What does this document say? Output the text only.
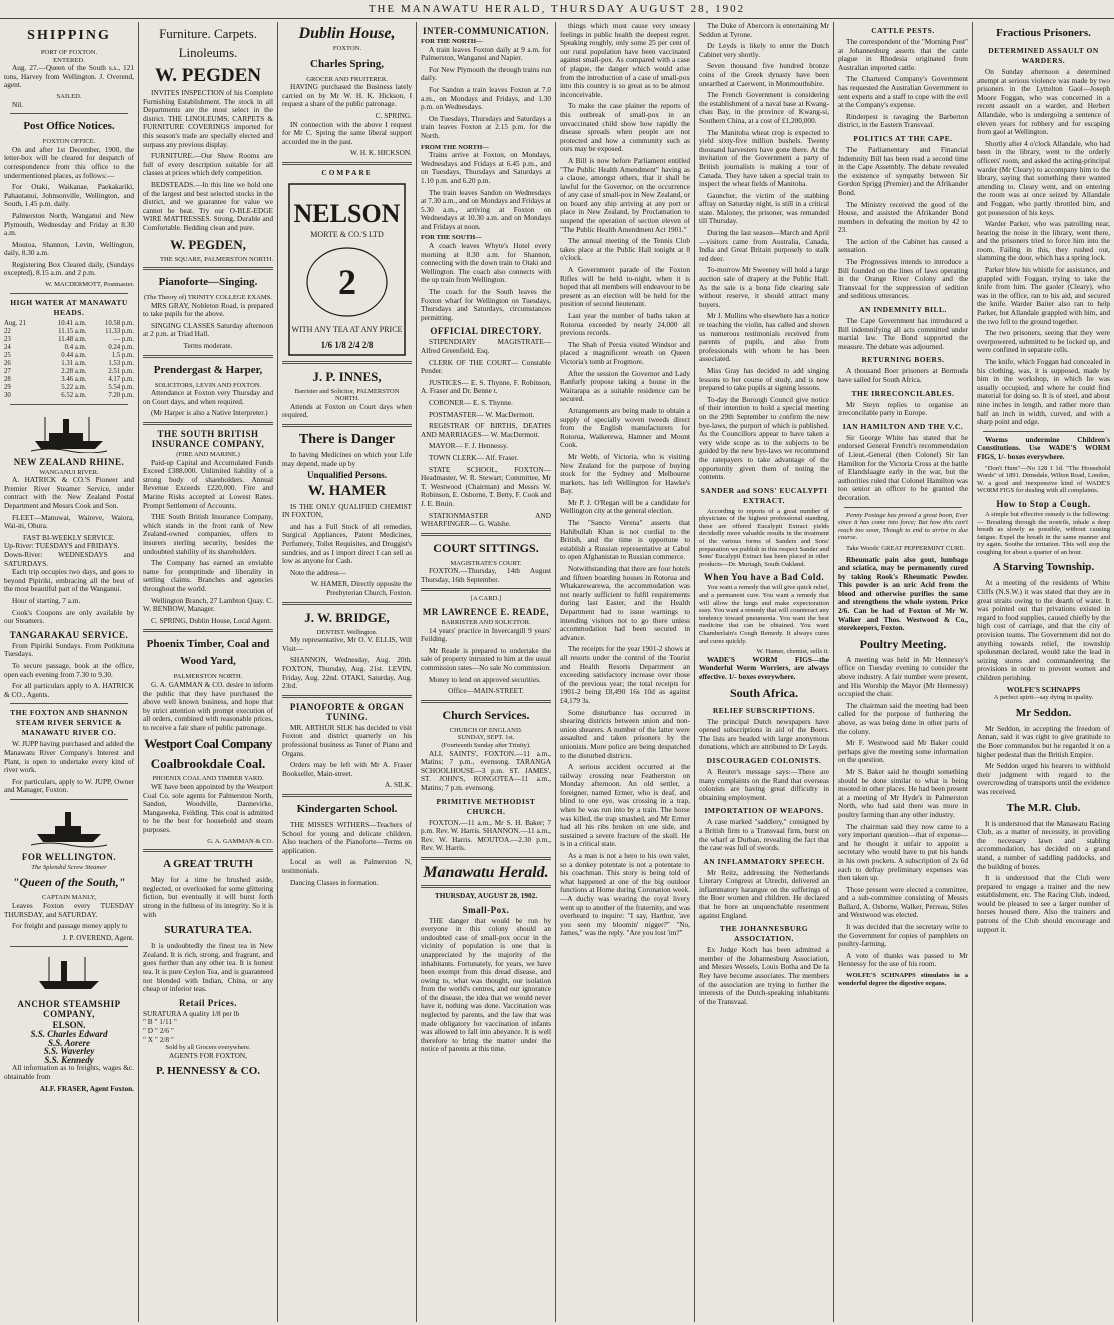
THE MANAWATU HERALD, THURSDAY AUGUST 28, 1902
SHIPPING
PORT OF FOXTON.
ENTERED.

Aug. 27.—Queen of the South s.s., 121 tons, Harvey from Wellington. J. Overend, agent.

SAILED.

Nil.

Post Office Notices.
FOXTON OFFICE.

On and after 1st December, 1900, the letter-box will be cleared for despatch of correspondence from this office to the undermentioned places, as follows:—

For Otaki, Waikanae, Paekakariki, Pahautanui, Johnsonville, Wellington, and South, 1.45 p.m. daily.

Palmerston North, Wanganui and New Plymouth, Wednesday and Friday at 8.30 a.m.

Moutoa, Shannon, Levin, Wellington, daily, 8.30 a.m.

Registering Box Cleared daily, (Sundays excepted), 8.15 a.m. and 2 p.m.

W. MACDERMOTT, Postmaster.
HIGH WATER AT MANAWATU HEADS.
Aug. 21	10.41 a.m.	10.58 p.m.
22	11.15 a.m.	11.33 p.m.
23	11.48 a.m.	— p.m.
24	0.4 a.m.	0.24 p.m.
25	0.44 a.m.	1.5 p.m.
26	1.31 a.m.	1.53 p.m.
27	2.28 a.m.	2.51 p.m.
28	3.46 a.m.	4.17 p.m.
29	5.22 a.m.	5.54 p.m.
30	6.52 a.m.	7.20 p.m.
NEW ZEALAND RHINE.
WANGANUI RIVER.

A. HATRICK & CO.'S Pioneer and Premier River Steamer Service, under contract with the New Zealand Postal Department and Messrs Cook and Son.

FLEET—Manuwai, Waireve, Waiora, Wai-iti, Ohura.

FAST BI-WEEKLY SERVICE.
Up-River: TUESDAYS and FRIDAYS.
Down-River: WEDNESDAYS and SATURDAYS.

Each trip occupies two days, and goes to beyond Pipiriki, embracing all the best of the most beautiful part of the Wanganui.

Hour of starting, 7 a.m.

Cook's Coupons are only available by our Steamers.

TANGARAKAU SERVICE.

From Pipiriki Sundays. From Potikituna Tuesdays.

To secure passage, book at the office, open each evening from 7.30 to 9.30.

For all particulars apply to A. HATRICK & CO., Agents.

THE FOXTON AND SHANNON STEAM RIVER SERVICE & MANAWATU RIVER CO.

W. JUPP having purchased and added the Manawatu River Company's Interest and Plant, is open to undertake every kind of river work.

For particulars, apply to W. JUPP, Owner and Manager, Foxton.

FOR WELLINGTON.
The Splendid Screw Steamer
"Queen of the South,"
CAPTAIN MANLY,

Leaves Foxton every TUESDAY THURSDAY, and SATURDAY.

For freight and passage money apply to

J. P. OVEREND, Agent.
ANCHOR STEAMSHIP COMPANY,
ELSON.
S.S. Charles Edward
S.S. Aorere
S.S. Waverley
S.S. Kennedy

All information as to freights, wages &c. obtainable from

ALF. FRASER, Agent Foxton.
Furniture. Carpets. Linoleums.
W. PEGDEN

INVITES INSPECTION of his Complete Furnishing Establishment. The stock in all Departments are the most select in the district. THE LINOLEUMS, CARPETS & FURNITURE COVERINGS imported for this season's trade are specially elected and surpass any previous display.

FURNITURE.—Our Show Rooms are full of every description suitable for all classes at prices which defy competition.

BEDSTEADS.—In this line we hold one of the largest and best selected stocks in the district, and we guarantee for value we cannot be beat. Try our O-BLE-EDGE WIRE MATTRESSES. Strong, Durable and Comfortable. Bedding clean and pure.

W. PEGDEN,
THE SQUARE, PALMERSTON NORTH.
Pianoforte—Singing.
(The Theory of) TRINITY COLLEGE EXAMS.

MRS GRAY, Nobleton Road, is prepared to take pupils for the above.

SINGING CLASSES Saturday afternoon at 2 p.m. at Triad Hall.

Terms moderate.
Prendergast & Harper,
SOLICITORS, LEVIN AND FOXTON.

Attendance at Foxton very Thursday and on Court days, and when required.

(Mr Harper is also a Native Interpreter.)

THE SOUTH BRITISH INSURANCE COMPANY,
(FIRE AND MARINE.)

Paid-up Capital and Accumulated Funds Exceed £388,000. Unlimited liability of a strong body of shareholders. Annual Revenue Exceeds £220,000. Fire and Marine Risks accepted at Lowest Rates. Prompt Settlement of Accounts.

THE South British Insurance Company, which stands in the front rank of New Zealand-owned companies, offers to insurers sterling security, besides the undoubted stability of its shareholders.

The Company has earned an enviable name for promptitude and liberality in settling claims. Branches and agencies throughout the world.

Wellington Branch, 27 Lambton Quay. C. W. BENBOW, Manager.

C. SPRING, Dublin House, Local Agent.

Phoenix Timber, Coal and Wood Yard,
PALMERSTON NORTH.

G. A. GAMMAN & CO. desire to inform the public that they have purchased the above well known business, and hope that by strict attention with prompt execution of all orders, combined with reasonable prices, to receive a fair share of public patronage.

Westport Coal Company
Coalbrookdale Coal.
PHOENIX COAL AND TIMBER YARD.

WE have been appointed by the Westport Coal Co. sole agents for Palmerston North, Sandon, Woodville, Dannevirke, Mangaweka, Feilding. This coal is admitted to be the best for household and steam purposes.

G. A. GAMMAN & CO.
A GREAT TRUTH

May for a time be brushed aside, neglected, or overlooked for some glittering fiction, but eventually it will burst forth strong in the fullness of its integrity. So it is with

SURATURA TEA.

It is undoubtedly the finest tea in New Zealand. It is rich, strong, and fragrant, and goes further than any other tea. It is honest tea. It is pure Ceylon Tea, and is guaranteed not blended with Indian, China, or any cheap or inferior teas.

Retail Prices.
SURATURA A quality 1/8 per lb
" B " 1/11 "
" D " 2/6 "
" X " 2/8 "
Sold by all Grocers everywhere.
AGENTS FOR FOXTON,
P. HENNESSY & CO.
Dublin House,
FOXTON.
Charles Spring,
GROCER AND FRUITERER.

HAVING purchased the Business lately carried on by Mr W. H. K. Hickson, I request a share of the public patronage.

C. SPRING.

IN connection with the above I request for Mr C. Spring the same liberal support accorded me in the past.

W. H. K. HICKSON.
COMPARE
NELSON
MORTE & CO.'S LTD
2
WITH ANY TEA AT ANY PRICE
1/6 1/8 2/4 2/8
J. P. INNES,
Barrister and Solicitor, PALMERSTON NORTH.

Attends at Foxton on Court days when required.

There is Danger

In having Medicines on which your Life may depend, made up by

Unqualified Persons.
W. HAMER

IS THE ONLY QUALIFIED CHEMIST IN FOXTON,

and has a Full Stock of all remedies, Surgical Appliances, Patent Medicines, Perfumery, Toilet Requisites, and Druggist's sundries, and as I import direct I can sell as low as anyone for Cash.

Note the address—

W. HAMER, Directly opposite the Presbyterian Church, Foxton.

J. W. BRIDGE,
DENTIST. Wellington.

My representative, Mr O. V. ELLIS, Will Visit—

SHANNON, Wednesday, Aug. 20th. FOXTON, Thursday, Aug. 21st. LEVIN, Friday, Aug. 22nd. OTAKI, Saturday, Aug. 23rd.

PIANOFORTE & ORGAN TUNING.

MR. ARTHUR SILK has decided to visit Foxton and district quarterly on his professional business as Tuner of Piano and Organs.

Orders may be left with Mr A. Fraser Bookseller, Main-street.

A. SILK.
Kindergarten School.

THE MISSES WITHERS—Teachers of School for young and delicate children. Also teachers of the Pianoforte—Terms on application.

Local as well as Palmerston N, testimonials.

Dancing Classes in formation.

INTER-COMMUNICATION.
FOR THE NORTH—

A train leaves Foxton daily at 9 a.m. for Palmerston, Wanganui and Napier.

For New Plymouth the through trains run daily.

For Sandon a train leaves Foxton at 7.0 a.m., on Mondays and Fridays, and 1.30 p.m. on Wednesdays.

On Tuesdays, Thursdays and Saturdays a train leaves Foxton at 2.15 p.m. for the North.

FROM THE NORTH—

Trains arrive at Foxton, on Mondays, Wednesdays and Fridays at 6.45 p.m., and on Tuesdays, Thursdays and Saturdays at 1.10 p.m. and 6.20 p.m.

The train leaves Sandon on Wednesdays at 7.30 a.m., and on Mondays and Fridays at 5.30 a.m., arriving at Foxton on Wednesdays at 10.30 a.m. and on Mondays and Fridays at noon.

FOR THE SOUTH—

A coach leaves Whyte's Hotel every morning at 8.30 a.m. for Shannon, connecting with the down train to Otaki and Wellington. The coach also connects with the up train from Wellington.

The coach for the South leaves the Foxton wharf for Wellington on Tuesdays, Thursdays and Saturdays, circumstances permitting.

OFFICIAL DIRECTORY.

STIPENDIARY MAGISTRATE— Alfred Greenfield, Esq.

CLERK OF THE COURT— Constable Pender.

JUSTICES— E. S. Thynne, F. Robinson, A. Fraser and Dr. Benne t.

CORONER— E. S. Thynne.

POSTMASTER— W. MacDermott.

REGISTRAR OF BIRTHS, DEATHS AND MARRIAGES— W. MacDermott.

MAYOR— F. J. Hennessy.

TOWN CLERK— Alf. Fraser.

STATE SCHOOL, FOXTON— Headmaster, W. R. Stewart; Committee, Mr T. Westwood (Chairman) and Messrs W. Robinson, E. Osborne, T. Betty, F. Cook and J. E. Bruin.

STATIONMASTER AND WHARFINGER— G. Walshe.

COURT SITTINGS.
MAGISTRATE'S COURT.

FOXTON.—Thursday, 14th August Thursday, 16th September.

[A CARD.]
MR LAWRENCE E. READE,
BARRISTER AND SOLICITOR.

14 years' practice in Invercargill 9 years' Feilding.

Mr Reade is prepared to undertake the sale of property intrusted to him at the usual commission rates—No sale No commission.

Money to lend on approved securities.

Office—MAIN-STREET.
Church Services.
CHURCH OF ENGLAND.
SUNDAY, SEPT. 1st.
(Fourteenth Sunday after Trinity).

ALL SAINTS', FOXTON.—11 a.m., Matins; 7 p.m., evensong. TARANGA SCHOOLHOUSE—3 p.m. ST. JAMES', ST. JOHN'S, RONGOTEA—11 a.m., Matins; 7 p.m. evensong.

PRIMITIVE METHODIST CHURCH.

FOXTON.—11 a.m., Mr S. H. Baker; 7 p.m. Rev. W. Harris. SHANNON.—11 a.m., Rev. W. Harris. MOUTOA.—2.30 p.m., Rev. W. Harris.

Manawatu Herald.
THURSDAY, AUGUST 28, 1902.
Small-Pox.

THE danger that would be run by everyone in this colony should an undoubted case of small-pox occur in the vicinity of population is one that is unappreciated by the majority of the inhabitants. Fortunately, for years, we have been exempt from this dread disease, and owing to, what was thought, our isolation from the world's centres, and our ignorance of the disease, the idea that we would never have it, nothing was done. Vaccination was neglected by parents, and the law that was made obligatory for vaccination of infants was allowed to fall into abeyance. It is well therefore to bring the matter under the notice of parents at this time.

things which must cause very uneasy feelings in public health the deepest regret. Speaking roughly, only some 25 per cent of our rural population have been vaccinated against small-pox. As compared with a case of plague, the danger which would arise from the introduction of a case of small-pox into this country is so great as to be almost inconceivable.

To make the case plainer the reports of this outbreak of small-pox in an unvaccinated child show how rapidly the disease spreads when people are not protected and how a community such as ours may be exposed.

A Bill is now before Parliament entitled "The Public Health Amendment" having as a clause, amongst others, that it shall be lawful for the Governor, on the occurrence of any case of small-pox in New Zealand, or on board any ship arriving at any port or place in New Zealand, by Proclamation to suspend the operation of section eleven of "The Public Health Amendment Act 1901."

The annual meeting of the Tennis Club takes place at the Public Hall tonight at 8 o'clock.

A Government parade of the Foxton Rifles will be held to-night, when it is hoped that all members will endeavour to be present as an election will be held for the position of second lieutenant.

Last year the number of baths taken at Rotorua exceeded by nearly 24,000 all previous records.

The Shah of Persia visited Windsor and placed a magnificent wreath on Queen Victoria's tomb at Frogmore.

After the session the Governor and Lady Ranfurly propose taking a house in the Wairarapa as a suitable residence can be secured.

Arrangements are being made to obtain a supply of specially woven tweeds direct from the English manufacturers for Rotorua, Waikerewa, Hamner and Mount Cook.

Mr Webb, of Victoria, who is visiting New Zealand for the purpose of buying stock for the Sydney and Melbourne markets, has left Wellington for Hawke's Bay.

Mr P. J. O'Regan will be a candidate for Wellington city at the general election.

The "Sancto Verena" asserts that Hahibullah Khan is not cordial to the British, and the time is opportune to establish a Russian representative at Cabul to open Afghanistan to Russian commerce.

Notwithstanding that there are four hotels and fifteen boarding houses in Rotorua and Whakarewarewa, the accommodation was not nearly sufficient to fulfil requirements during last Easter, and the Health Department had to issue warnings to intending visitors not to go there unless accommodation had been secured in advance.

The receipts for the year 1901-2 shows at all resorts under the control of the Tourist and Health Resorts Department an exceeding satisfactory increase over those of the previous year; the total receipts for 1901-2 being £8,490 16s 10d as against £4,179 3s.

Some disturbance has occurred in shearing districts between union and non-union shearers. A number of the latter were assaulted and taken prisoners by the unionists. More police are being despatched to the disturbed districts.

A serious accident occurred at the railway crossing near Featherston on Monday afternoon. An old settler, a foreigner, named Ermer, who is deaf, and blind to one eye, was crossing in a trap, when he was run into by a train. The horse was killed, the trap smashed, and Mr Ermer had all his ribs broken on one side, and sustained a severe fracture of the skull. He is in a critical state.

As a man is not a hero to his own valet, so a donkey potentate is not a potentate to his coachman. This story is being told of what happened at one of the big outdoor functions at Home during Coronation week.—A duchy was wearing the royal livery went up to another of the fraternity, and was overheard to inquire: "I say, Harthur, 'ave you seen my bloomin' nigger?" "No, James," was the reply. "Are you lost 'im?"

The Duke of Abercorn is entertaining Mr Seddon at Tyrone.

Dr Leyds is likely to enter the Dutch Cabinet very shortly.

Seven thousand five hundred bronze coins of the Greek dynasty have been unearthed at Caerwent, in Monmouthshire.

The French Government is considering the establishment of a naval base at Kwang-chau Bay, in the province of Kwang-si, Southern China, at a cost of £1,200,000.

The Manitoba wheat crop is expected to yield sixty-five million bushels. Twenty thousand harvesters have gone there. At the invitation of the Government a party of British journalists is making a tour of Canada. They have taken a special train to inspect the wheat fields of Manitoba.

Gauncher, the victim of the stabbing affray on Saturday night, is still in a critical state. Maloney, the prisoner, was remanded till Thursday.

During the last season—March and April—visitors came from Australia, Canada, India and Great Britain purposely to stalk red deer.

To-morrow Mr Sweeney will hold a large auction sale of drapery at the Public Hall. As the sale is a bona fide clearing sale without reserve, it should attract many buyers.

Mr J. Mullins who elsewhere has a notice re teaching the violin, has called and shown us numerous testimonials received from parents of pupils, and also from professionals with whom he has been associated.

Miss Gray has decided to add singing lessons to her course of study, and is now prepared to take pupils at signing lessons.

To-day the Borough Council give notice of their intention to hold a special meeting on the 29th September to confirm the new bye-laws, the purport of which is published. As the Councillors appear to have taken a very wide scope as to the subjects to be guided by the new bye-laws we recommend the ratepayers to take advantage of the opportunity given them of noting the contents.

SANDER and SONS' EUCALYPTI EXTRACT.

According to reports of a great number of physicians of the highest professional standing, these are offered Eucalypti Extract yields decidedly more valuable results in the treatment of the various forms of Sanders and Sons' preparation we publish in this respect Sander and Sons' Eucalypti Extract has been placed in other products—Dr. Murtagh, South Oakland.

When You have a Bad Cold.

You want a remedy that will give quick relief, and a permanent cure. You want a remedy that will allow the lungs and make expectoration easy. You want a remedy that will counteract any tendency toward pneumonia. You want the best medicine that can be obtained. You want Chamberlain's Cough Remedy. It always cures and cures quickly.

W. Hamer, chemist, sells it.

WADE'S WORM FIGS—the Wonderful Worm Worriers, are always effective. 1/- boxes everywhere.

South Africa.
RELIEF SUBSCRIPTIONS.

The principal Dutch newspapers have opened subscriptions in aid of the Boers. The lists are headed with large anonymous donations, which are attributed to Dr Leyds.

DISCOURAGED COLONISTS.

A Reuter's message says:—There are many complaints on the Rand that overseas colonists are having great difficulty in obtaining employment.

IMPORTATION OF WEAPONS.

A case marked "saddlery," consigned by a British firm to a Transvaal firm, burst on the wharf at Durban, revealing the fact that the case was full of swords.

AN INFLAMMATORY SPEECH.

Mr Reitz, addressing the Netherlands Literary Congress at Utrecht, delivered an inflammatory harangue on the sufferings of the Boer women and children. He declared that he bore an unquenchable resentment against England.

THE JOHANNESBURG ASSOCIATION.

Ex Judge Koch has been admitted a member of the Johannesburg Association, and Messrs Wessels, Louis Botha and De la Rey have become associates. The members of the association are trying to further the interests of the Dutch-speaking inhabitants of the Transvaal.

CATTLE PESTS.

The correspondent of the "Morning Post" at Johannesburg asserts that the cattle plague in Rhodesia originated from Australian imported cattle.

The Chartered Company's Government has requested the Australian Government to sent experts and a staff to cope with the evil at the Company's expense.

Rinderpest is ravaging the Barberton district, in the Eastern Transvaal.

POLITICS AT THE CAPE.

The Parliamentary and Financial Indemnity Bill has been read a second time in the Cape Assembly. The debate revealed the existence of sympathy between Sir Gordon Sprigg (Premier) and the Afrikander Bond.

The Ministry received the good of the House, and assisted the Afrikander Bond members in defeating the motion by 42 to 23.

The action of the Cabinet has caused a sensation.

The Progressives intends to introduce a Bill founded on the lines of laws operating in the Orange River Colony and the Transvaal for the suppression of sedition and seditious utterances.

AN INDEMNITY BILL.

The Cape Government has introduced a Bill indemnifying all acts committed under martial law. The Bond supported the measure. The debate was adjourned.

RETURNING BOERS.

A thousand Boer prisoners at Bermuda have sailed for South Africa.

THE IRRECONCILABLES.

Mr Steyn replies to organise an irreconcilable party in Europe.

IAN HAMILTON AND THE V.C.

Sir George White has stated that he endorsed General French's recommendation of Lieut.-General (then Colonel) Sir Ian Hamilton for the Victoria Cross at the battle of Elandslaagte early in the war, but the authorities ruled that Colonel Hamilton was too senior an officer to be granted the decoration.

Penny Postage has proved a great boon, Ever since it has come into force; But how this can't reach too soon, Though to end to arrive in due course.

Take Woods' GREAT PEPPERMINT CURE.

Rheumatic pain also gout, lumbago and sciatica, may be permanently cured by taking Rook's Rheumatic Powder. This powder is an uric Acid from the blood and otherwise purifies the same and strengthens the whole system. Price 2/6. Can be had of Foxton of Mr W. Walker and Thos. Westwood & Co., storekeepers, Foxton.

Poultry Meeting.

A meeting was held in Mr Hennessy's office on Tuesday evening to consider the above industry. A fair number were present, and His Worship the Mayor (Mr Hennessy) occupied the chair.

The chairman said the meeting had been called for the purpose of furthering the above, as was being done in other parts of the colony.

Mr F. Westwood said Mr Baker could perhaps give the meeting some information on the question.

Mr S. Baker said he thought something should be done similar to what is being mooted in other places. He had been present at a meeting of Mr Hyde's in Palmerston North, who had said there was more in poultry farming than any other industry.

The chairman said they now came to a very important question—that of expense—and he thought it unfair to appoint a secretary who would have to put his hands in his own pockets. A subscription of 2s 6d each to defray preliminary expenses was then taken up.

Those present were elected a committee, and a sub-committee consisting of Messrs Ballard, A. Osborne, Walker, Perreau, Stiles and Westwood was elected.

It was decided that the secretary write to the Government for copies of pamphlets on poultry-farming.

A vote of thanks was passed to Mr Hennessy for the use of his room.

WOLFE'S SCHNAPPS stimulates in a wonderful degree the digestive organs.

Fractious Prisoners.
DETERMINED ASSAULT ON WARDERS.

On Sunday afternoon a determined attempt at serious violence was made by two prisoners in the Lyttelton Gaol—Joseph Moore Foggan, who was concerned in a recent assault on a warder, and Herbert Allandale, who is undergoing a sentence of eleven years for robbery and for escaping from gaol at Wellington.

Shortly after 4 o'clock Allandale, who had been in the library, went to the orderly officers' room, and asked the acting-principal warder (Mr Cleary) to accompany him to the library, saying that something there wanted attending to. Cleary went, and on entering the room was at once seized by Allandale and Foggan, who partly throttled him, and got possession of his keys.

Warder Parker, who was patrolling near, hearing the noise in the library, went there, and the prisoners tried to force him into the room. Failing in this, they rushed out, slamming the door, which has a spring lock.

Parker blew his whistle for assistance, and grappled with Foggan, trying to take the knife from him. The gaoler (Cleary), who was in the office, ran to his aid, and secured the knife. Warder Baiter also ran to help Parker, but Allandale grappled with him, and the two fell to the ground together.

The two prisoners, seeing that they were overpowered, submitted to be locked up, and were confined in separate cells.

The knife, which Foggan had concealed in his clothing, was, it is supposed, made by him in the workshop, in which he was usually occupied, and where he could find material for doing so. It is of steel, and about nine inches in length, and rather more than half an inch in width, curved, and with a sharp point and edge.

Worms undermine Children's Constitutions. Use WADE'S WORM FIGS, 1/- boxes everywhere.

"Don't Hum"—No 128 1 1d. "The Household Words" of 1891. Dimsdale, Wilton Road, London, W. a good and inexpensive kind of WADE'S WORM FIGS for dealing with all complaints.

How to Stop a Cough.

A simple but effective remedy is the following:— Breathing through the nostrils, inhale a deep breath as slowly as possible, without causing fatigue. Expel the breath in the same manner and try again. Soothe the irritation. This will stop the coughing for about a quarter of an hour.

A Starving Township.

At a meeting of the residents of White Cliffs (N.S.W.) it was stated that they are in great straits owing to the dearth of water. It was pointed out that privations existed in regard to food supplies, caused chiefly by the high cost of carriage, and that the city of provision teams. The Government did not do anything towards relief, the township spokesman declared, would take the lead in seizing stores and commandeering the provisions in order to prevent women and children perishing.

WOLFE'S SCHNAPPS
A perfect spirit—say dying in quality.
Mr Seddon.

Mr Seddon, in accepting the freedom of Annan, said it was right to give gratitude to the Boer commandos but he regarded it on a higher pedestal than the British Empire.

Mr Seddon urged his hearers to withhold their judgment with regard to the overcrowding of transports until the evidence was received.

The M.R. Club.

It is understood that the Manawatu Racing Club, as a matter of necessity, in providing the necessary lawn and stabling accommodation, has decided on a grand stand, a number of saddling paddocks, and the building of boxes.

It is understood that the Club were prepared to engage a trainer and the new establishment, etc. The Racing Club, indeed, would be pleased to see a larger number of horses housed there. Also the trainers and patrons of the Club should encourage and support it.
